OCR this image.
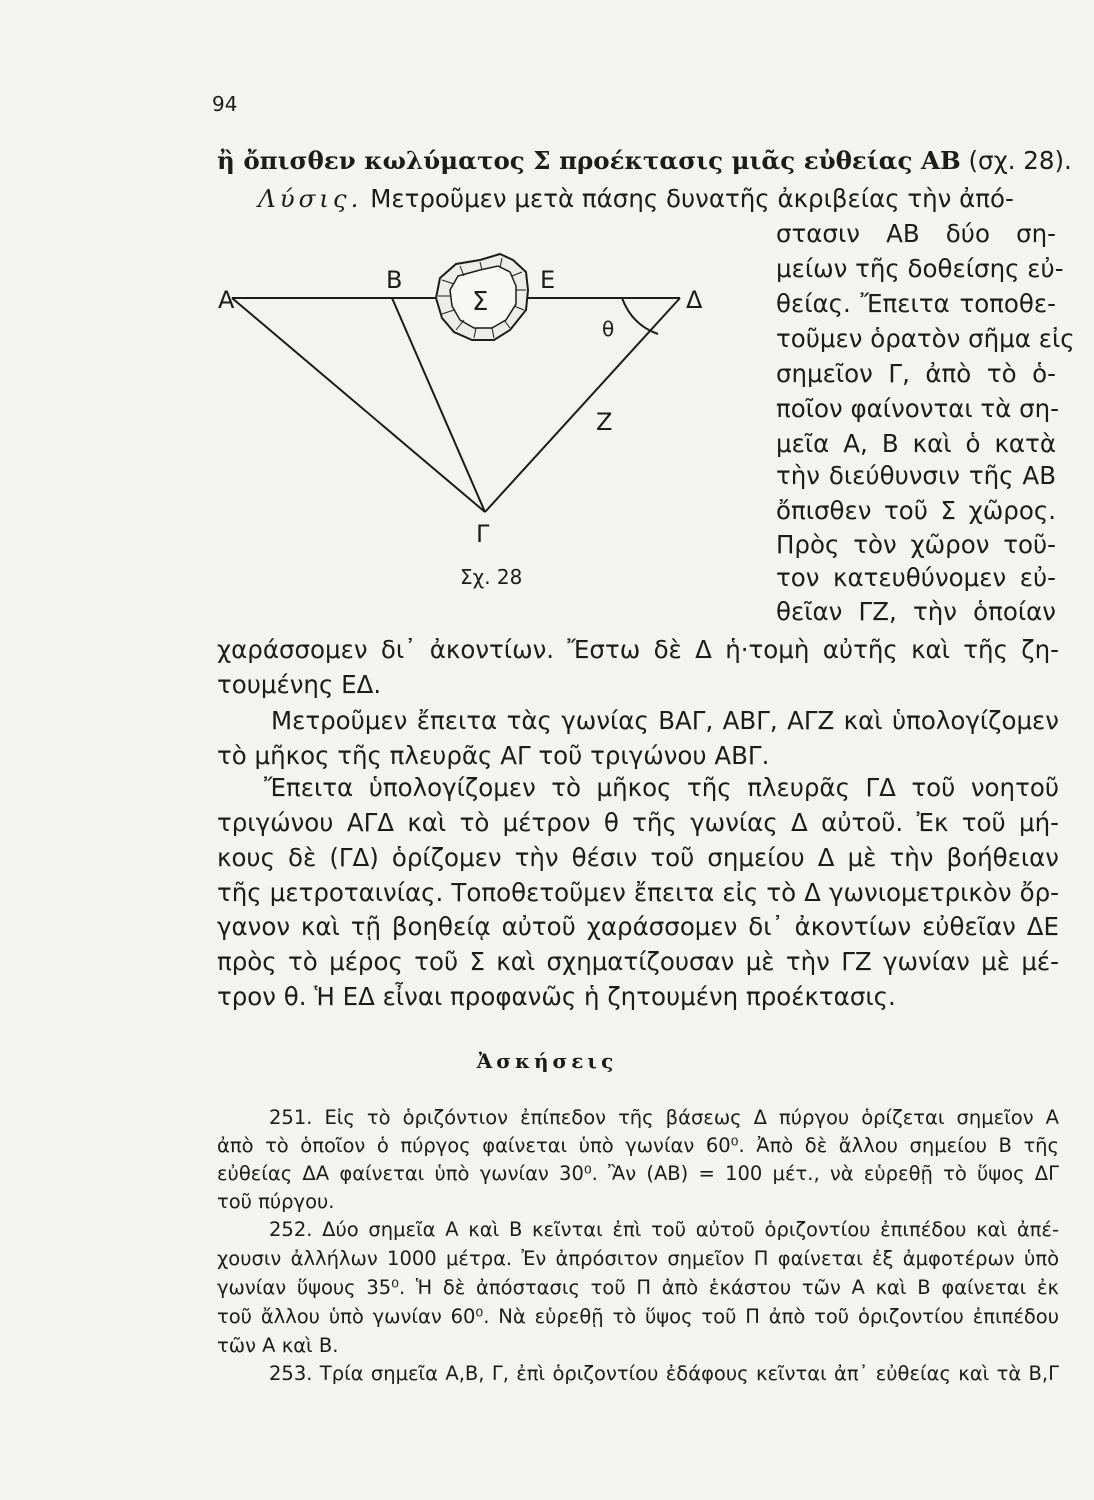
94
ἢ ὄπισθεν κωλύματος Σ προέκτασις μιᾶς εὐθείας ΑΒ (σχ. 28).
Λύσις. Μετροῦμεν μετὰ πάσης δυνατῆς ἀκριβείας τὴν ἀπό-
στασιν ΑΒ δύο ση-
μείων τῆς δοθείσης εὐ-
θείας. Ἔπειτα τοποθε-
τοῦμεν ὁρατὸν σῆμα εἰς
σημεῖον Γ, ἀπὸ τὸ ὁ-
ποῖον φαίνονται τὰ ση-
μεῖα Α, Β καὶ ὁ κατὰ
τὴν διεύθυνσιν τῆς ΑΒ
ὄπισθεν τοῦ Σ χῶρος.
Πρὸς τὸν χῶρον τοῦ-
τον κατευθύνομεν εὐ-
θεῖαν ΓΖ, τὴν ὁποίαν
Α
Β	Ε
Δ
Σ
θ
Ζ
Γ
Σχ. 28
χαράσσομεν δι᾽ ἀκοντίων. Ἔστω δὲ Δ ἡ·τομὴ αὐτῆς καὶ τῆς ζη-
τουμένης ΕΔ.
Μετροῦμεν ἔπειτα τὰς γωνίας ΒΑΓ, ΑΒΓ, ΑΓΖ καὶ ὑπολογίζομεν
τὸ μῆκος τῆς πλευρᾶς ΑΓ τοῦ τριγώνου ΑΒΓ.
Ἔπειτα ὑπολογίζομεν τὸ μῆκος τῆς πλευρᾶς ΓΔ τοῦ νοητοῦ
τριγώνου ΑΓΔ καὶ τὸ μέτρον θ τῆς γωνίας Δ αὐτοῦ. Ἐκ τοῦ μή-
κους δὲ (ΓΔ) ὁρίζομεν τὴν θέσιν τοῦ σημείου Δ μὲ τὴν βοήθειαν
τῆς μετροταινίας. Τοποθετοῦμεν ἔπειτα εἰς τὸ Δ γωνιομετρικὸν ὄρ-
γανον καὶ τῇ βοηθείᾳ αὐτοῦ χαράσσομεν δι᾽ ἀκοντίων εὐθεῖαν ΔΕ
πρὸς τὸ μέρος τοῦ Σ καὶ σχηματίζουσαν μὲ τὴν ΓΖ γωνίαν μὲ μέ-
τρον θ. Ἡ ΕΔ εἶναι προφανῶς ἡ ζητουμένη προέκτασις.
Ἀσκήσεις
251. Εἰς τὸ ὁριζόντιον ἐπίπεδον τῆς βάσεως Δ πύργου ὁρίζεται σημεῖον Α
ἀπὸ τὸ ὁποῖον ὁ πύργος φαίνεται ὑπὸ γωνίαν 60⁰. Ἀπὸ δὲ ἄλλου σημείου Β τῆς
εὐθείας ΔΑ φαίνεται ὑπὸ γωνίαν 30⁰. Ἂν (ΑΒ) = 100 μέτ., νὰ εὑρεθῇ τὸ ὕψος ΔΓ
τοῦ πύργου.
252. Δύο σημεῖα Α καὶ Β κεῖνται ἐπὶ τοῦ αὐτοῦ ὁριζοντίου ἐπιπέδου καὶ ἀπέ-
χουσιν ἀλλήλων 1000 μέτρα. Ἐν ἀπρόσιτον σημεῖον Π φαίνεται ἐξ ἀμφοτέρων ὑπὸ
γωνίαν ὕψους 35⁰. Ἡ δὲ ἀπόστασις τοῦ Π ἀπὸ ἑκάστου τῶν Α καὶ Β φαίνεται ἐκ
τοῦ ἄλλου ὑπὸ γωνίαν 60⁰. Νὰ εὑρεθῇ τὸ ὕψος τοῦ Π ἀπὸ τοῦ ὁριζοντίου ἐπιπέδου
τῶν Α καὶ Β.
253. Τρία σημεῖα Α,Β, Γ, ἐπὶ ὁριζοντίου ἐδάφους κεῖνται ἀπ᾽ εὐθείας καὶ τὰ Β,Γ
